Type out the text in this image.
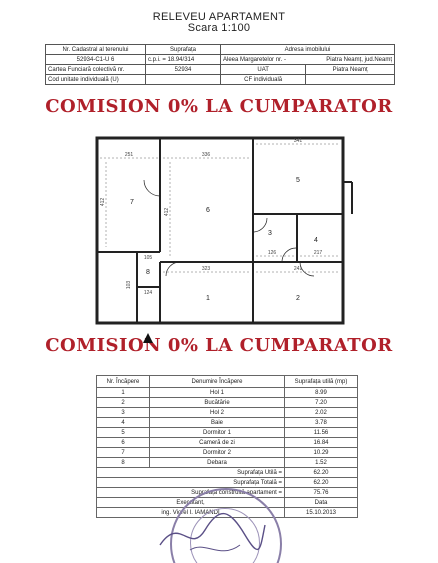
RELEVEU APARTAMENT
Scara 1:100
Nr. Cadastral al terenului	Suprafața	Adresa imobilului	
52934-C1-U 6	c.p.i. = 18.94/314	Aleea Margaretelor nr. -	Piatra Neamț, jud.Neamț
Cartea Funciară colectivă nr.	52934	UAT	Piatra Neamț
Cod unitate individuală (U)		CF individuală	
COMISION 0% LA CUMPARATOR
251	336
341
412
412
323
126	217
241
105
124
103
1	2
3
4
5
6
7
8
COMISION 0% LA CUMPARATOR
Nr. Încăpere	Denumire Încăpere	Suprafața utilă (mp)
1	Hol 1	8.99
2	Bucătărie	7.20
3	Hol 2	2.02
4	Baie	3.78
5	Dormitor 1	11.56
6	Cameră de zi	16.84
7	Dormitor 2	10.29
8	Debara	1.52
Suprafața Utilă =		62.20
Suprafața Totală =		62.20
Suprafața construită apartament =		75.76
Executant,		Data
ing. Viorel I. IAMANDI		15.10.2013
